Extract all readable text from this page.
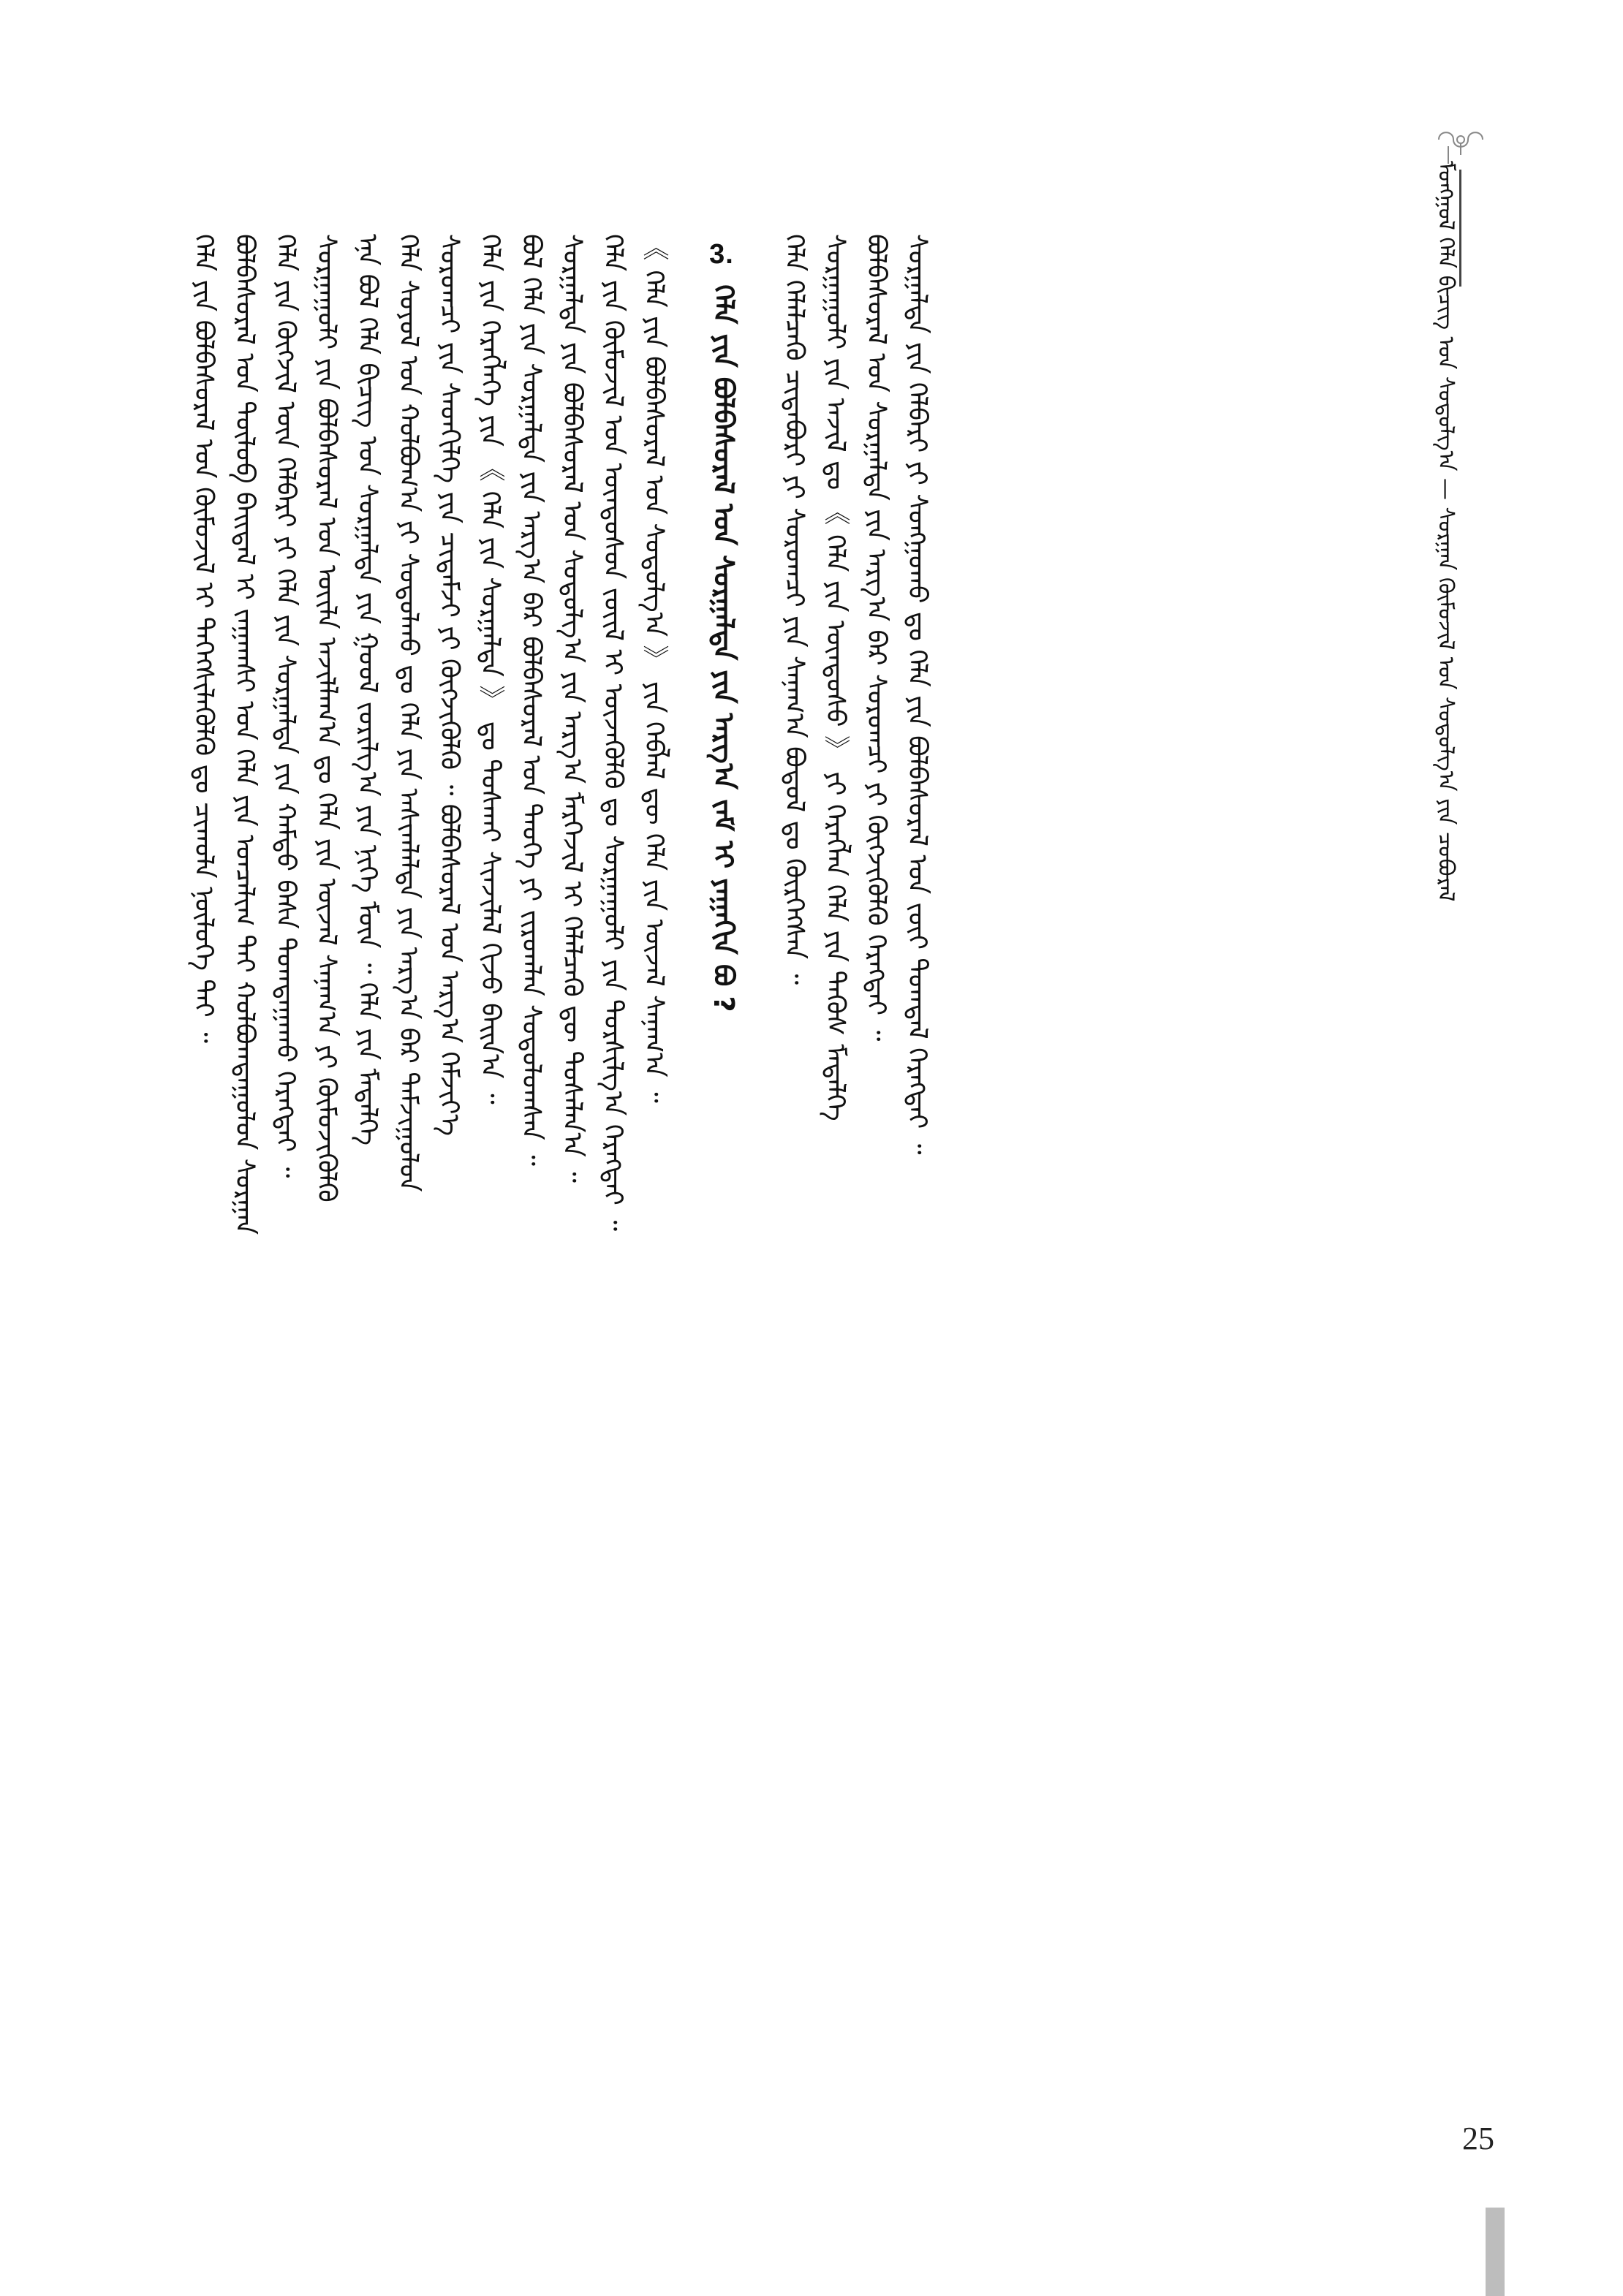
ᠮᠣᠩᠭᠣᠯ ᠬᠡᠯᠡ ᠪᠢᠴᠢᠭ ᠤᠨ ᠰᠤᠳᠤᠯᠭ᠎ᠠ — ᠰᠤᠷᠭᠠᠨ ᠬᠦᠮᠦᠵᠢᠯ ᠤᠨ ᠰᠤᠳᠤᠯᠭ᠎ᠠ ᠶᠢᠨ ᠴᠤᠪᠤᠷᠠᠯ
ᠬᠡᠯᠡ ᠶᠢᠨ ᠪᠣᠯᠪᠠᠰᠤᠷᠠᠯ ᠤᠨ ᠬᠦᠮᠦᠵᠢᠯ ᠢ ᠳᠡᠭᠡᠭᠰᠢᠯᠡᠭᠦᠯᠬᠦ ᠳᠤ ᠴᠢᠬᠤᠯᠠ ᠨᠥᠯᠦᠭᠡ ᠲᠠᠢ ᠃ ᠪᠣᠯᠪᠠᠰᠤᠷᠠᠯ ᠤᠨ ᠲᠥᠯᠦᠪ ᠪᠠᠢᠳᠠᠯ ᠢ ᠵᠠᠭᠠᠭᠰᠢ ᠤᠨ ᠬᠡᠯᠡ ᠶᠢᠨ ᠣᠨᠴᠠᠯᠢᠭ ᠲᠠᠢ ᠬᠣᠯᠪᠣᠭᠳᠠᠭᠤᠯᠤᠨ ᠰᠤᠷᠭᠠᠨ ᠬᠡᠯᠡ ᠶᠢᠨ ᠬᠥᠭᠵᠢᠯ ᠦᠨ ᠬᠡᠯᠪᠡᠷᠢ ᠶᠢ ᠬᠡᠯᠡ ᠶᠢᠨ ᠰᠤᠷᠭᠠᠯᠲᠠ ᠶᠢᠨ ᠬᠠᠮᠲᠤ ᠪᠠᠰᠠ ᠲᠣᠭᠲᠠᠭᠠᠬᠤ ᠬᠡᠷᠡᠭᠲᠡᠢ ᠃ ᠰᠤᠷᠭᠠᠭᠤᠯᠢ ᠶᠢᠨ ᠪᠣᠯᠪᠠᠰᠤᠷᠠᠯ ᠤᠨ ᠦᠢᠯᠡ ᠠᠵᠢᠯᠯᠠᠭ᠎ᠠ ᠳᠤ ᠬᠡᠯᠡ ᠶᠢᠨ ᠦᠵᠡᠯ ᠰᠠᠨᠠᠭ᠎ᠠ ᠶᠢ ᠬᠦᠮᠦᠵᠢᠭᠦᠯᠬᠦ ᠡᠨᠡ ᠪᠣᠯ ᠬᠡᠯᠡ ᠪᠢᠴᠢᠭ ᠤᠨ ᠰᠤᠷᠭᠠᠯᠲᠠ ᠶᠢᠨ ᠭᠣᠣᠯ ᠵᠣᠷᠢᠯᠭ᠎ᠠ ᠶᠢᠨ ᠨᠢᠭᠡ ᠮᠥᠨ ᠃ ᠬᠡᠯᠡ ᠶᠢᠨ ᠮᠡᠳᠡᠯᠭᠡ ᠬᠡᠯᠡ ᠰᠣᠶᠣᠯ ᠤᠨ ᠬᠣᠯᠪᠣᠭ᠎ᠠ ᠶᠢ ᠰᠤᠳᠤᠯᠬᠤ ᠳᠤ ᠬᠡᠯᠡ ᠶᠢᠨ ᠠᠰᠢᠭᠯᠠᠯᠲᠠ ᠶᠢᠨ ᠠᠷᠭ᠎ᠠ ᠪᠠᠷ ᠳᠠᠮᠵᠢᠭᠤᠯᠤᠨ ᠰᠤᠷᠤᠭᠴᠢ ᠶᠢᠨ ᠰᠡᠳᠬᠢᠯᠭᠡ ᠶᠢᠨ ᠴᠢᠳᠠᠮᠵᠢ ᠶᠢ ᠬᠥᠭᠵᠢᠭᠦᠯᠬᠦ ᠃ ᠪᠣᠯᠪᠠᠰᠤᠷᠠᠯ ᠤᠨ ᠠᠷᠭ᠎ᠠ ᠬᠡᠮᠵᠢᠶ᠎ᠡ ᠬᠡᠯᠡ ᠶᠢᠨ ᠬᠡᠷᠡᠭᠯᠡᠭᠡ ᠶᠢᠨ 《 ᠬᠡᠯᠡ ᠶᠢᠨ ᠰᠤᠷᠭᠠᠯᠲᠠ 》 ᠳᠤ ᠲᠤᠰᠬᠠᠢ ᠰᠢᠨᠵᠢᠯᠡᠯ ᠬᠢᠵᠦ ᠪᠠᠢᠨ᠎ᠠ ᠃ ᠪᠣᠯ ᠬᠡᠯᠡ ᠶᠢᠨ ᠰᠤᠷᠭᠠᠯᠲᠠ ᠶᠢᠨ ᠠᠷᠭ᠎ᠠ ᠪᠠᠷ ᠪᠣᠯᠪᠠᠰᠤᠷᠠᠯ ᠤᠨ ᠲᠡᠦᠬᠡ ᠶᠢ ᠵᠢᠷᠤᠭᠯᠠᠨ ᠰᠤᠳᠤᠯᠤᠭᠰᠠᠨ ᠃ ᠰᠤᠷᠭᠠᠯᠲᠠ ᠶᠢᠨ ᠪᠣᠯᠪᠠᠰᠤᠷᠠᠯ ᠤᠨ ᠰᠤᠳᠤᠯᠭ᠎ᠠ ᠶᠢᠨ ᠠᠷᠭ᠎ᠠ ᠮᠡᠷᠭᠡᠵᠢᠯ ᠢ ᠬᠡᠯᠡᠯᠴᠡᠬᠦ ᠳᠦ ᠲᠤᠰᠠᠯᠠᠨ᠎ᠠ ᠃ ᠬᠡᠯᠡ ᠶᠢᠨ ᠬᠦᠮᠦᠵᠢᠯ ᠤᠨ ᠦᠨᠳᠦᠰᠦᠨ ᠵᠦᠢᠯ ᠢ ᠦᠵᠡᠭᠦᠯᠬᠦ ᠳᠤ ᠰᠤᠷᠭᠠᠭᠤᠯᠢ ᠶᠢᠨ ᠲᠤᠷᠰᠢᠯᠭ᠎ᠠ ᠬᠡᠷᠡᠭᠲᠡᠢ ᠃ 《 ᠬᠡᠯᠡ ᠶᠢᠨ ᠪᠣᠯᠪᠠᠰᠤᠷᠠᠯ ᠤᠨ ᠰᠤᠳᠤᠯᠭ᠎ᠠ 》 ᠶᠢᠨ ᠬᠡᠪᠯᠡᠯ ᠳᠦ ᠬᠡᠯᠡ ᠶᠢᠨ ᠦᠵᠡᠯ ᠰᠠᠨᠠᠭ᠎ᠠ ᠃ 3. ᠬᠡᠯᠡ ᠶᠢᠨ ᠪᠣᠯᠪᠠᠰᠤᠷᠠᠯ ᠤᠨ ᠰᠤᠷᠭᠠᠯᠲᠠ ᠶᠢᠨ ᠠᠷᠭ᠎ᠠ ᠵᠠᠮ ᠢ ᠶᠠᠭᠠᠬᠢᠨ ᠪᠣ ? ᠬᠡᠯᠡ ᠬᠡᠯᠡᠯᠴᠡᠬᠦ ᠴᠢᠳᠠᠪᠤᠷᠢ ᠶᠢ ᠰᠤᠷᠤᠭᠴᠢ ᠶᠢᠨ ᠰᠠᠨᠠᠭ᠎ᠠ ᠪᠣᠳᠤᠯ ᠳᠤ ᠬᠦᠷᠭᠡᠭᠰᠡᠨ ᠃ ᠰᠤᠷᠭᠠᠭᠤᠯᠢ ᠶᠢᠨ ᠠᠵᠢᠯ ᠳᠤ 《 ᠬᠡᠯᠡ ᠶᠢᠨ ᠦᠨᠳᠦᠰᠦ 》 ᠶᠢ ᠬᠡᠷᠡᠭᠯᠡᠨ ᠬᠡᠯᠡ ᠶᠢᠨ ᠲᠡᠭᠦᠰ ᠮᠡᠳᠡᠯᠭᠡ ᠪᠣᠯᠪᠠᠰᠤᠷᠠᠯ ᠤᠨ ᠰᠤᠷᠭᠠᠯᠲᠠ ᠶᠢᠨ ᠠᠷᠭ᠎ᠠ ᠪᠠᠷ ᠰᠤᠷᠤᠭᠴᠢ ᠶᠢ ᠬᠥᠭᠵᠢᠭᠦᠯᠬᠦ ᠬᠡᠷᠡᠭᠲᠡᠢ ᠃ ᠰᠤᠷᠭᠠᠯᠲᠠ ᠶᠢᠨ ᠬᠡᠯᠪᠡᠷᠢ ᠶᠢ ᠰᠣᠩᠭᠣᠬᠤ ᠳᠤ ᠬᠡᠯᠡ ᠶᠢᠨ ᠪᠣᠯᠪᠠᠰᠤᠷᠠᠯ ᠤᠨ ᠵᠦᠢ ᠲᠣᠭᠲᠠᠯ ᠬᠡᠷᠡᠭᠲᠡᠢ ᠃
25
